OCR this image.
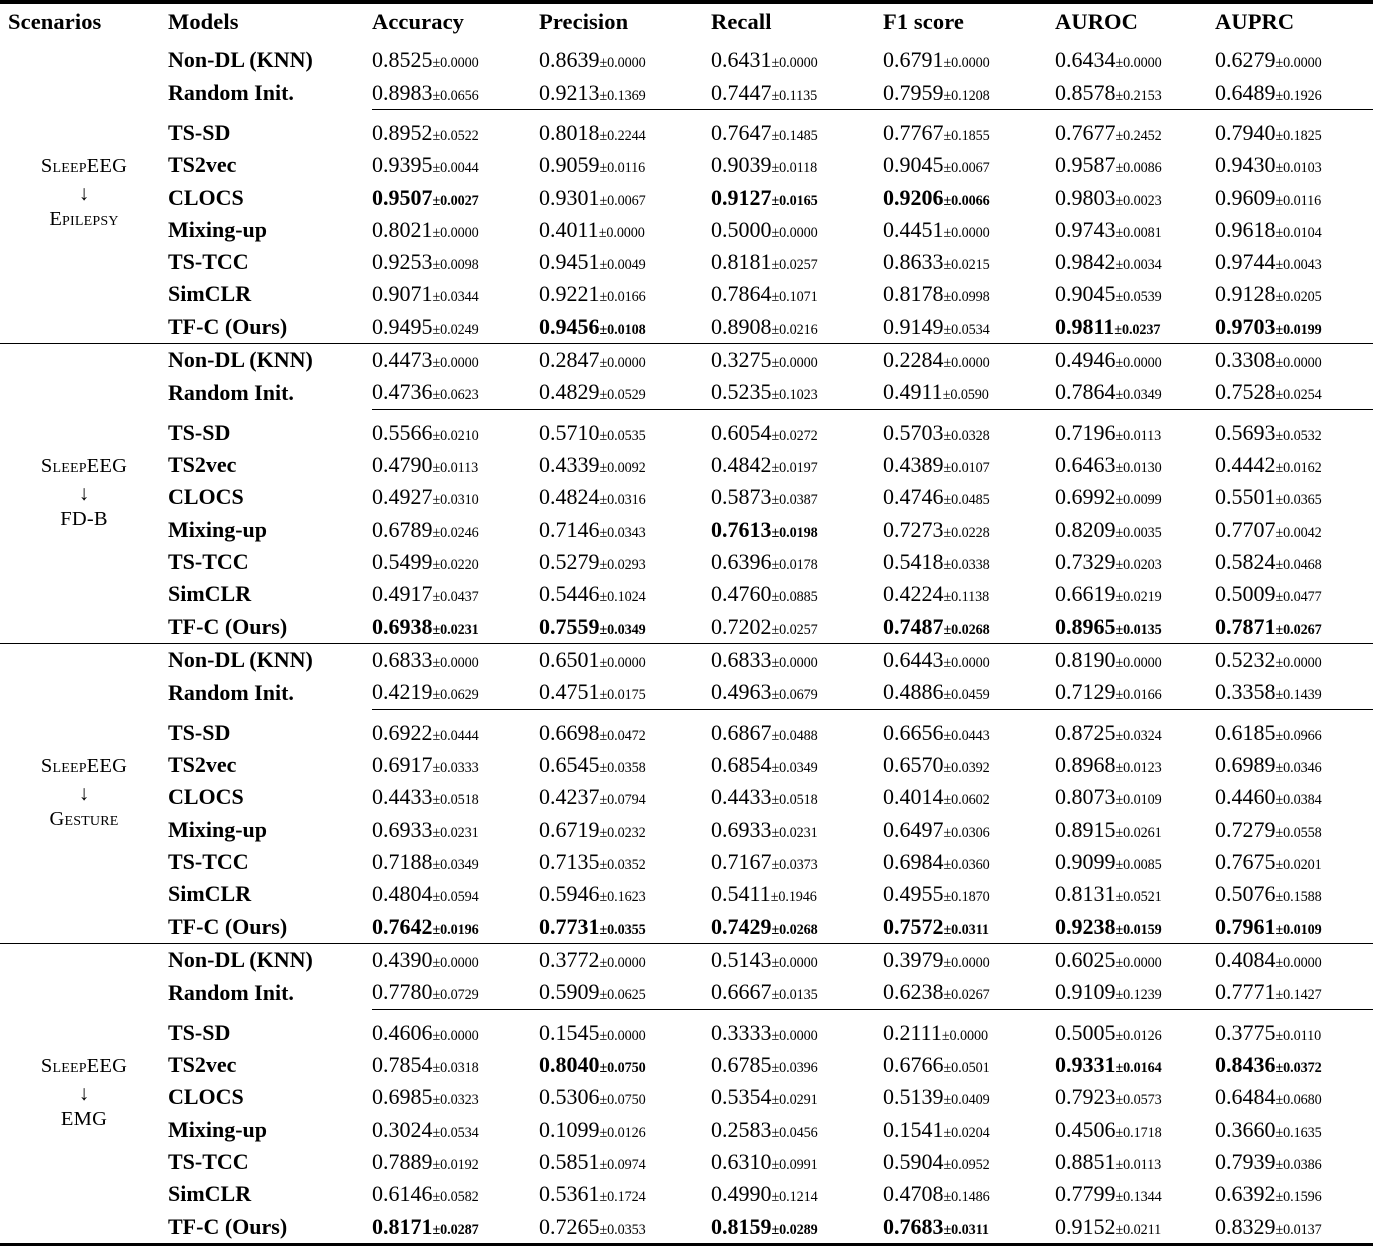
Scenarios	Models	Accuracy	Precision	Recall	F1 score	AUROC	AUPRC

SleepEEG
↓
Epilepsy	Non-DL (KNN)	0.8525±0.0000	0.8639±0.0000	0.6431±0.0000	0.6791±0.0000	0.6434±0.0000	0.6279±0.0000
	Random Init.	0.8983±0.0656	0.9213±0.1369	0.7447±0.1135	0.7959±0.1208	0.8578±0.2153	0.6489±0.1926

	TS-SD	0.8952±0.0522	0.8018±0.2244	0.7647±0.1485	0.7767±0.1855	0.7677±0.2452	0.7940±0.1825
	TS2vec	0.9395±0.0044	0.9059±0.0116	0.9039±0.0118	0.9045±0.0067	0.9587±0.0086	0.9430±0.0103
	CLOCS	0.9507±0.0027	0.9301±0.0067	0.9127±0.0165	0.9206±0.0066	0.9803±0.0023	0.9609±0.0116
	Mixing-up	0.8021±0.0000	0.4011±0.0000	0.5000±0.0000	0.4451±0.0000	0.9743±0.0081	0.9618±0.0104
	TS-TCC	0.9253±0.0098	0.9451±0.0049	0.8181±0.0257	0.8633±0.0215	0.9842±0.0034	0.9744±0.0043
	SimCLR	0.9071±0.0344	0.9221±0.0166	0.7864±0.1071	0.8178±0.0998	0.9045±0.0539	0.9128±0.0205
	TF-C (Ours)	0.9495±0.0249	0.9456±0.0108	0.8908±0.0216	0.9149±0.0534	0.9811±0.0237	0.9703±0.0199

SleepEEG
↓
FD-B	Non-DL (KNN)	0.4473±0.0000	0.2847±0.0000	0.3275±0.0000	0.2284±0.0000	0.4946±0.0000	0.3308±0.0000
	Random Init.	0.4736±0.0623	0.4829±0.0529	0.5235±0.1023	0.4911±0.0590	0.7864±0.0349	0.7528±0.0254

	TS-SD	0.5566±0.0210	0.5710±0.0535	0.6054±0.0272	0.5703±0.0328	0.7196±0.0113	0.5693±0.0532
	TS2vec	0.4790±0.0113	0.4339±0.0092	0.4842±0.0197	0.4389±0.0107	0.6463±0.0130	0.4442±0.0162
	CLOCS	0.4927±0.0310	0.4824±0.0316	0.5873±0.0387	0.4746±0.0485	0.6992±0.0099	0.5501±0.0365
	Mixing-up	0.6789±0.0246	0.7146±0.0343	0.7613±0.0198	0.7273±0.0228	0.8209±0.0035	0.7707±0.0042
	TS-TCC	0.5499±0.0220	0.5279±0.0293	0.6396±0.0178	0.5418±0.0338	0.7329±0.0203	0.5824±0.0468
	SimCLR	0.4917±0.0437	0.5446±0.1024	0.4760±0.0885	0.4224±0.1138	0.6619±0.0219	0.5009±0.0477
	TF-C (Ours)	0.6938±0.0231	0.7559±0.0349	0.7202±0.0257	0.7487±0.0268	0.8965±0.0135	0.7871±0.0267

SleepEEG
↓
Gesture	Non-DL (KNN)	0.6833±0.0000	0.6501±0.0000	0.6833±0.0000	0.6443±0.0000	0.8190±0.0000	0.5232±0.0000
	Random Init.	0.4219±0.0629	0.4751±0.0175	0.4963±0.0679	0.4886±0.0459	0.7129±0.0166	0.3358±0.1439

	TS-SD	0.6922±0.0444	0.6698±0.0472	0.6867±0.0488	0.6656±0.0443	0.8725±0.0324	0.6185±0.0966
	TS2vec	0.6917±0.0333	0.6545±0.0358	0.6854±0.0349	0.6570±0.0392	0.8968±0.0123	0.6989±0.0346
	CLOCS	0.4433±0.0518	0.4237±0.0794	0.4433±0.0518	0.4014±0.0602	0.8073±0.0109	0.4460±0.0384
	Mixing-up	0.6933±0.0231	0.6719±0.0232	0.6933±0.0231	0.6497±0.0306	0.8915±0.0261	0.7279±0.0558
	TS-TCC	0.7188±0.0349	0.7135±0.0352	0.7167±0.0373	0.6984±0.0360	0.9099±0.0085	0.7675±0.0201
	SimCLR	0.4804±0.0594	0.5946±0.1623	0.5411±0.1946	0.4955±0.1870	0.8131±0.0521	0.5076±0.1588
	TF-C (Ours)	0.7642±0.0196	0.7731±0.0355	0.7429±0.0268	0.7572±0.0311	0.9238±0.0159	0.7961±0.0109

SleepEEG
↓
EMG	Non-DL (KNN)	0.4390±0.0000	0.3772±0.0000	0.5143±0.0000	0.3979±0.0000	0.6025±0.0000	0.4084±0.0000
	Random Init.	0.7780±0.0729	0.5909±0.0625	0.6667±0.0135	0.6238±0.0267	0.9109±0.1239	0.7771±0.1427

	TS-SD	0.4606±0.0000	0.1545±0.0000	0.3333±0.0000	0.2111±0.0000	0.5005±0.0126	0.3775±0.0110
	TS2vec	0.7854±0.0318	0.8040±0.0750	0.6785±0.0396	0.6766±0.0501	0.9331±0.0164	0.8436±0.0372
	CLOCS	0.6985±0.0323	0.5306±0.0750	0.5354±0.0291	0.5139±0.0409	0.7923±0.0573	0.6484±0.0680
	Mixing-up	0.3024±0.0534	0.1099±0.0126	0.2583±0.0456	0.1541±0.0204	0.4506±0.1718	0.3660±0.1635
	TS-TCC	0.7889±0.0192	0.5851±0.0974	0.6310±0.0991	0.5904±0.0952	0.8851±0.0113	0.7939±0.0386
	SimCLR	0.6146±0.0582	0.5361±0.1724	0.4990±0.1214	0.4708±0.1486	0.7799±0.1344	0.6392±0.1596
	TF-C (Ours)	0.8171±0.0287	0.7265±0.0353	0.8159±0.0289	0.7683±0.0311	0.9152±0.0211	0.8329±0.0137
